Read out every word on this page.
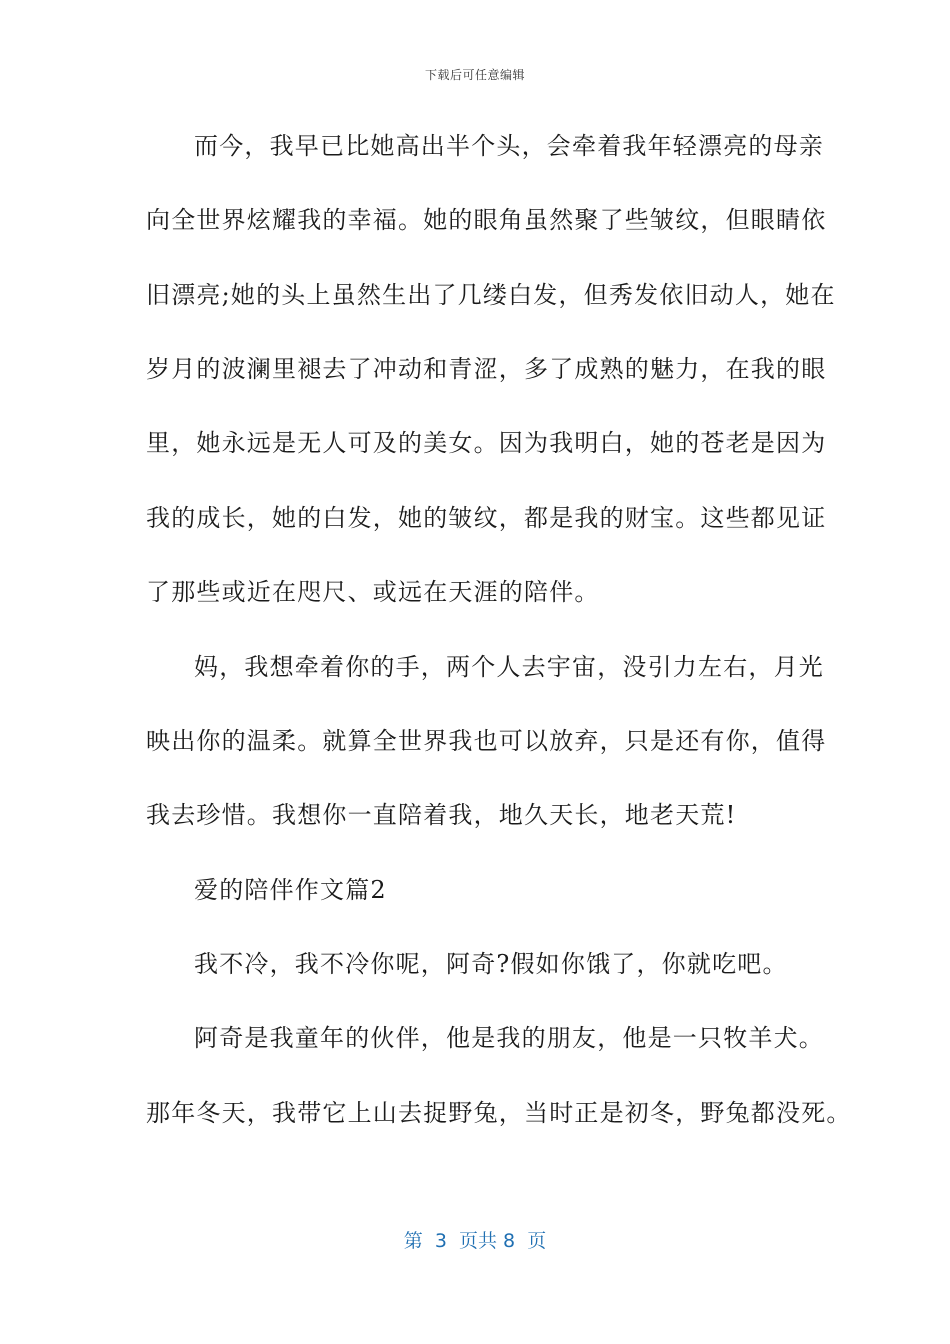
下载后可任意编辑
而今，我早已比她高出半个头，会牵着我年轻漂亮的母亲
向全世界炫耀我的幸福。她的眼角虽然聚了些皱纹，但眼睛依
旧漂亮;她的头上虽然生出了几缕白发，但秀发依旧动人，她在
岁月的波澜里褪去了冲动和青涩，多了成熟的魅力，在我的眼
里，她永远是无人可及的美女。因为我明白，她的苍老是因为
我的成长，她的白发，她的皱纹，都是我的财宝。这些都见证
了那些或近在咫尺、或远在天涯的陪伴。
妈，我想牵着你的手，两个人去宇宙，没引力左右，月光
映出你的温柔。就算全世界我也可以放弃，只是还有你，值得
我去珍惜。我想你一直陪着我，地久天长，地老天荒!
爱的陪伴作文篇2
我不冷，我不冷你呢，阿奇?假如你饿了，你就吃吧。
阿奇是我童年的伙伴，他是我的朋友，他是一只牧羊犬。
那年冬天，我带它上山去捉野兔，当时正是初冬，野兔都没死。
第  3  页共 8  页
